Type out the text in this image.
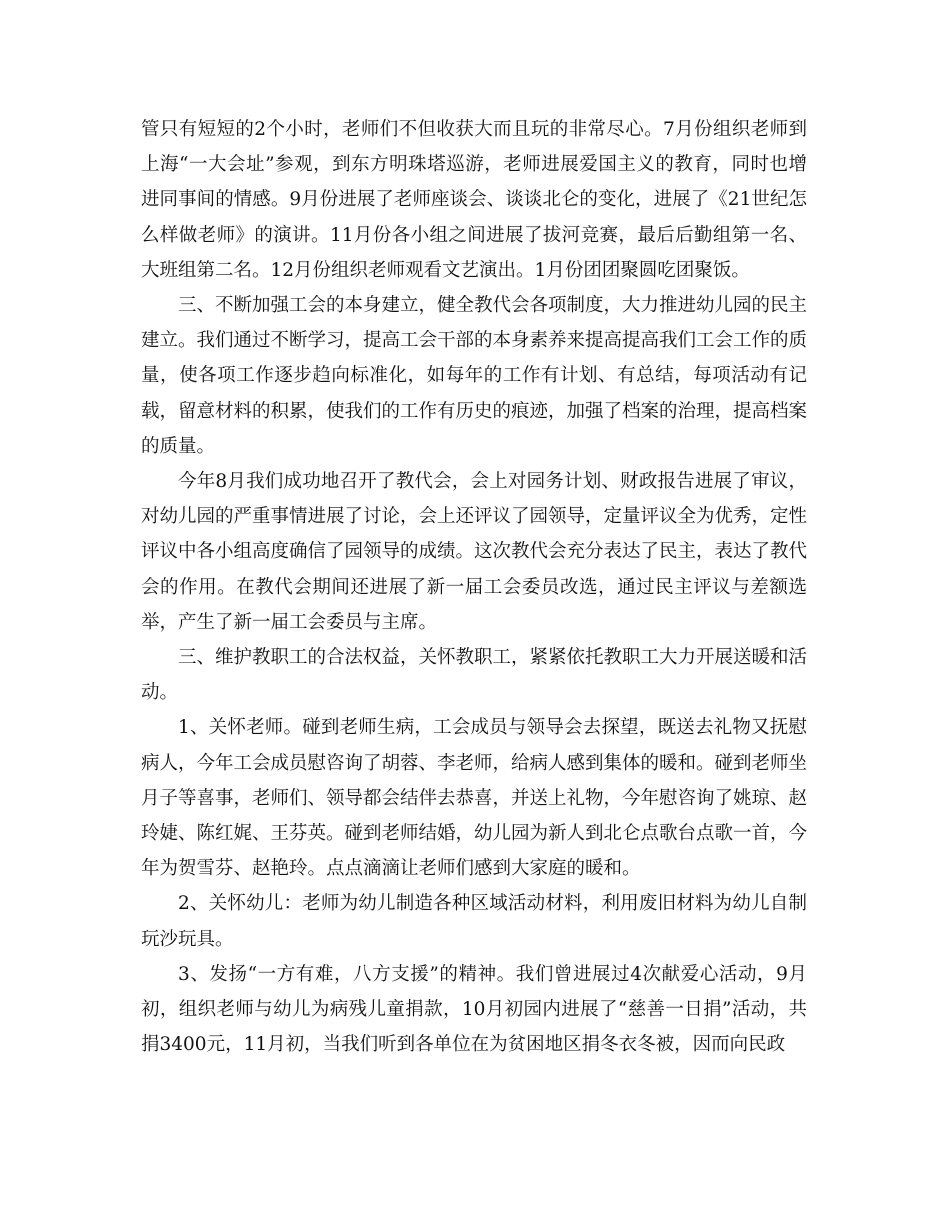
管只有短短的2个小时，老师们不但收获大而且玩的非常尽心。7月份组织老师到上海“一大会址”参观，到东方明珠塔巡游，老师进展爱国主义的教育，同时也增进同事间的情感。9月份进展了老师座谈会、谈谈北仑的变化，进展了《21世纪怎么样做老师》的演讲。11月份各小组之间进展了拔河竞赛，最后后勤组第一名、大班组第二名。12月份组织老师观看文艺演出。1月份团团聚圆吃团聚饭。

三、不断加强工会的本身建立，健全教代会各项制度，大力推进幼儿园的民主建立。我们通过不断学习，提高工会干部的本身素养来提高提高我们工会工作的质量，使各项工作逐步趋向标准化，如每年的工作有计划、有总结，每项活动有记载，留意材料的积累，使我们的工作有历史的痕迹，加强了档案的治理，提高档案的质量。

今年8月我们成功地召开了教代会，会上对园务计划、财政报告进展了审议，对幼儿园的严重事情进展了讨论，会上还评议了园领导，定量评议全为优秀，定性评议中各小组高度确信了园领导的成绩。这次教代会充分表达了民主，表达了教代会的作用。在教代会期间还进展了新一届工会委员改选，通过民主评议与差额选举，产生了新一届工会委员与主席。

三、维护教职工的合法权益，关怀教职工，紧紧依托教职工大力开展送暖和活动。

1、关怀老师。碰到老师生病，工会成员与领导会去探望，既送去礼物又抚慰病人，今年工会成员慰咨询了胡蓉、李老师，给病人感到集体的暖和。碰到老师坐月子等喜事，老师们、领导都会结伴去恭喜，并送上礼物，今年慰咨询了姚琼、赵玲婕、陈红娓、王芬英。碰到老师结婚，幼儿园为新人到北仑点歌台点歌一首，今年为贺雪芬、赵艳玲。点点滴滴让老师们感到大家庭的暖和。

2、关怀幼儿：老师为幼儿制造各种区域活动材料，利用废旧材料为幼儿自制玩沙玩具。

3、发扬“一方有难，八方支援”的精神。我们曾进展过4次献爱心活动，9月初，组织老师与幼儿为病残儿童捐款，10月初园内进展了“慈善一日捐”活动，共捐3400元，11月初，当我们听到各单位在为贫困地区捐冬衣冬被，因而向民政
